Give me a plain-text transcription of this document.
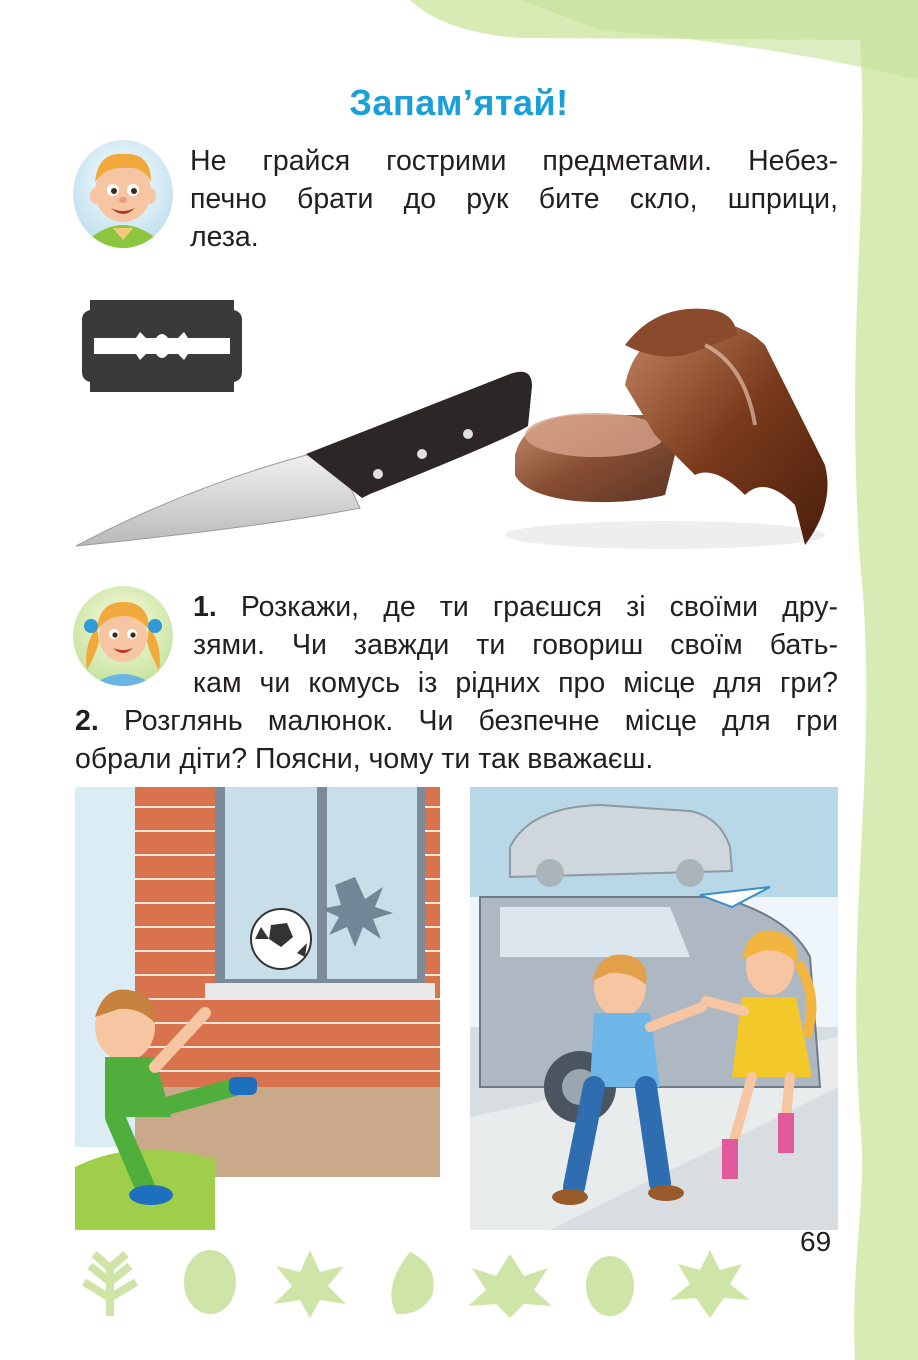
Запам’ятай!
Не грайся гострими предметами. Небез-
печно брати до рук бите скло, шприци,
леза.
1. Розкажи, де ти граєшся зі своїми дру-
зями. Чи завжди ти говориш своїм бать-
кам чи комусь із рідних про місце для гри?
2. Розглянь малюнок. Чи безпечне місце для гри
обрали діти? Поясни, чому ти так вважаєш.
69
